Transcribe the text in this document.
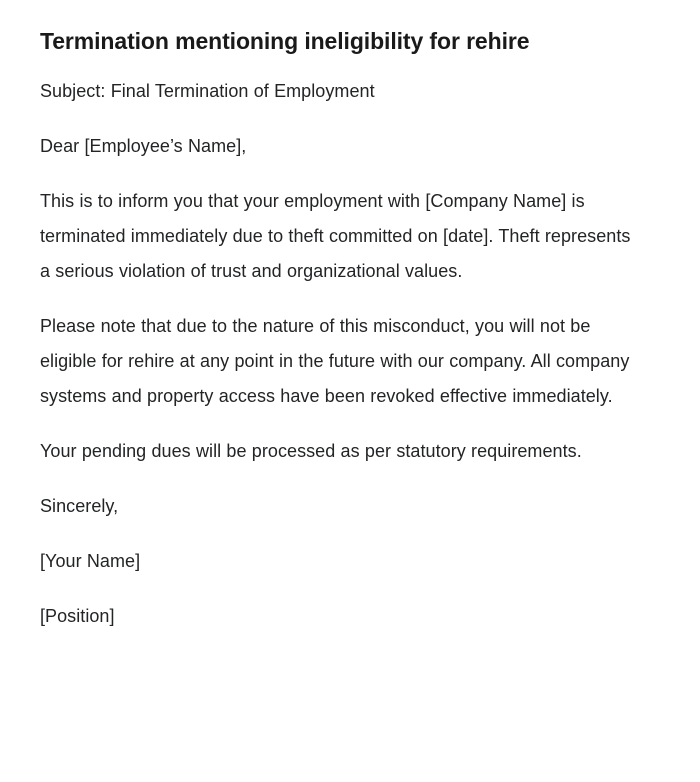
Termination mentioning ineligibility for rehire

Subject: Final Termination of Employment

Dear [Employee’s Name],

This is to inform you that your employment with [Company Name] is terminated immediately due to theft committed on [date]. Theft represents a serious violation of trust and organizational values.

Please note that due to the nature of this misconduct, you will not be eligible for rehire at any point in the future with our company. All company systems and property access have been revoked effective immediately.

Your pending dues will be processed as per statutory requirements.

Sincerely,

[Your Name]

[Position]
